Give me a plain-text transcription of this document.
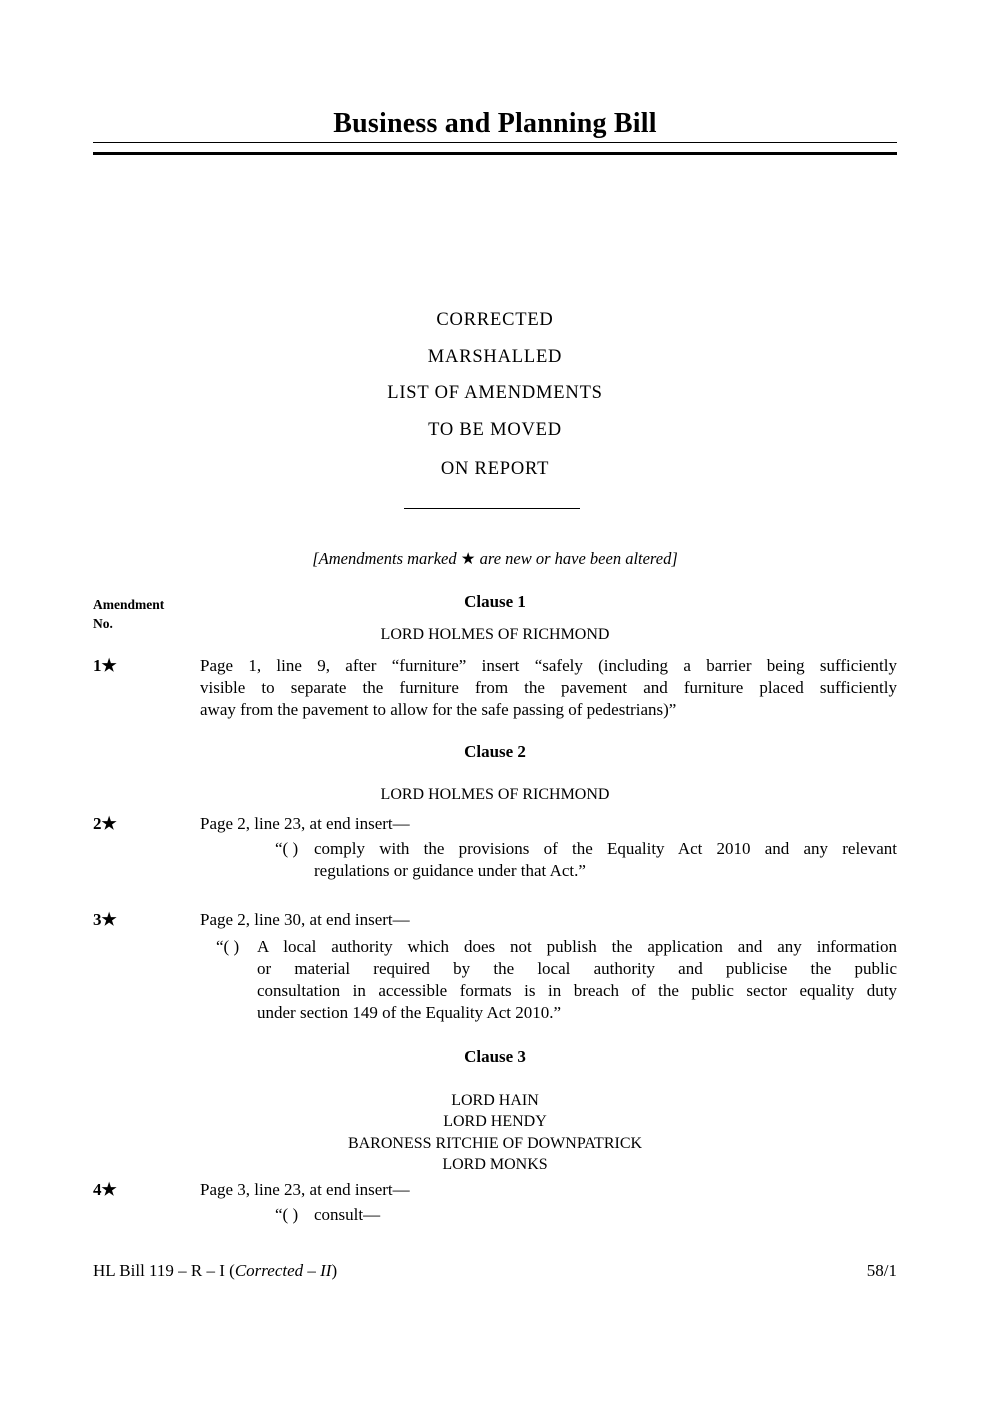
Business and Planning Bill
CORRECTED
MARSHALLED
LIST OF AMENDMENTS
TO BE MOVED
ON REPORT
[Amendments marked ★ are new or have been altered]
Amendment
No.
Clause 1
LORD HOLMES OF RICHMOND
1★	Page 1, line 9, after “furniture” insert “safely (including a barrier being sufficiently
visible to separate the furniture from the pavement and furniture placed sufficiently
away from the pavement to allow for the safe passing of pedestrians)”
Clause 2
LORD HOLMES OF RICHMOND
2★	Page 2, line 23, at end insert—
“( ) comply with the provisions of the Equality Act 2010 and any relevant
regulations or guidance under that Act.”
3★	Page 2, line 30, at end insert—
“( ) A local authority which does not publish the application and any information
or material required by the local authority and publicise the public
consultation in accessible formats is in breach of the public sector equality duty
under section 149 of the Equality Act 2010.”
Clause 3
LORD HAIN
LORD HENDY
BARONESS RITCHIE OF DOWNPATRICK
LORD MONKS
4★	Page 3, line 23, at end insert—
“( ) consult—
HL Bill 119 – R – I (Corrected – II)	58/1
